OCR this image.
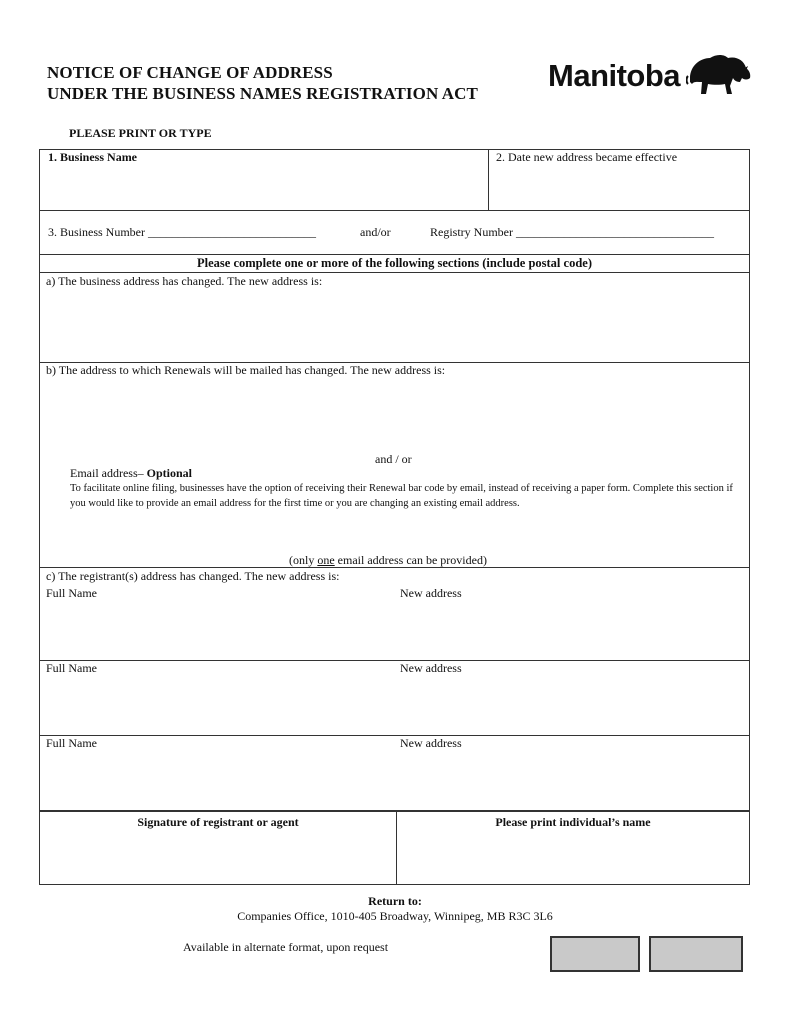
NOTICE OF CHANGE OF ADDRESS
UNDER THE BUSINESS NAMES REGISTRATION ACT
Manitoba
PLEASE PRINT OR TYPE
1. Business Name	2. Date new address became effective
3. Business Number ____________________________	and/or	Registry Number _________________________________
Please complete one or more of the following sections (include postal code)
a) The business address has changed. The new address is:
b) The address to which Renewals will be mailed has changed. The new address is:
and / or
Email address– Optional
To facilitate online filing, businesses have the option of receiving their Renewal bar code by email, instead of receiving a paper form. Complete this section if you would like to provide an email address for the first time or you are changing an existing email address.
(only one email address can be provided)
c) The registrant(s) address has changed. The new address is:
Full Name	New address
Full Name	New address
Full Name	New address
Signature of registrant or agent	Please print individual’s name
Return to:
Companies Office, 1010-405 Broadway, Winnipeg, MB R3C 3L6
Available in alternate format, upon request
